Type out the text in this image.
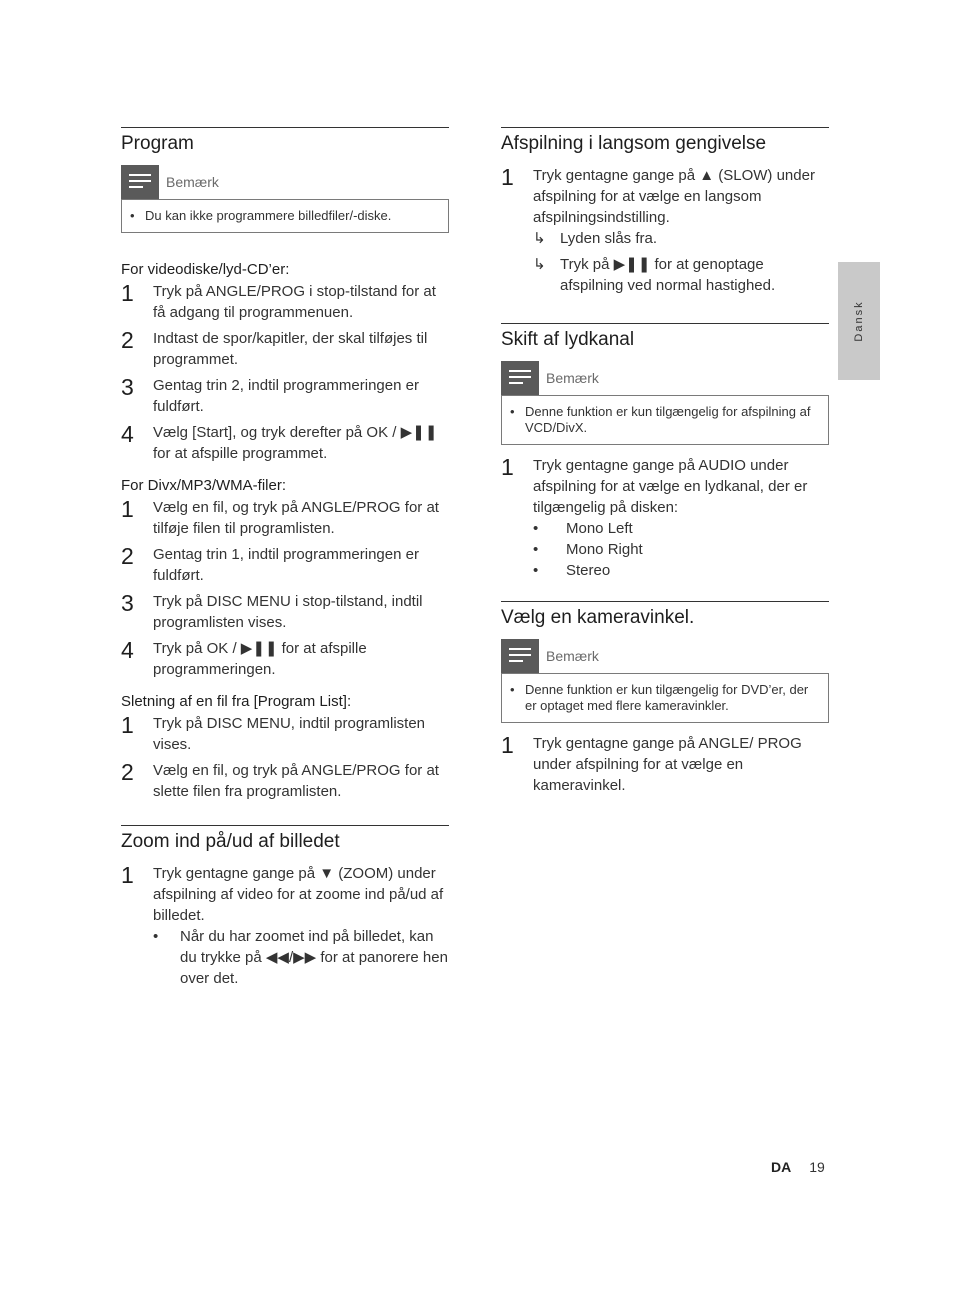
Program
Bemærk
• Du kan ikke programmere billedfiler/-diske.
For videodiske/lyd-CD’er:
1	Tryk på ANGLE/PROG i stop-tilstand for at få adgang til programmenuen.
2	Indtast de spor/kapitler, der skal tilføjes til programmet.
3	Gentag trin 2, indtil programmeringen er fuldført.
4	Vælg [Start], og tryk derefter på OK / ▶❚❚ for at afspille programmet.
For Divx/MP3/WMA-filer:
1	Vælg en fil, og tryk på ANGLE/PROG for at tilføje filen til programlisten.
2	Gentag trin 1, indtil programmeringen er fuldført.
3	Tryk på DISC MENU i stop-tilstand, indtil programlisten vises.
4	Tryk på OK / ▶❚❚ for at afspille programmeringen.
Sletning af en fil fra [Program List]:
1	Tryk på DISC MENU, indtil programlisten vises.
2	Vælg en fil, og tryk på ANGLE/PROG for at slette filen fra programlisten.
Zoom ind på/ud af billedet
1	Tryk gentagne gange på ▼ (ZOOM) under afspilning af video for at zoome ind på/ud af billedet.
•	Når du har zoomet ind på billedet, kan du trykke på ◀◀/▶▶ for at panorere hen over det.
Afspilning i langsom gengivelse
1	Tryk gentagne gange på ▲ (SLOW) under afspilning for at vælge en langsom afspilningsindstilling.
↳ Lyden slås fra.
↳ Tryk på ▶❚❚ for at genoptage afspilning ved normal hastighed.
Skift af lydkanal
Bemærk
• Denne funktion er kun tilgængelig for afspilning af VCD/DivX.
1	Tryk gentagne gange på AUDIO under afspilning for at vælge en lydkanal, der er tilgængelig på disken:
•	Mono Left
•	Mono Right
•	Stereo
Vælg en kameravinkel.
Bemærk
• Denne funktion er kun tilgængelig for DVD’er, der er optaget med flere kameravinkler.
1	Tryk gentagne gange på ANGLE/ PROG under afspilning for at vælge en kameravinkel.
Dansk
DA 19
